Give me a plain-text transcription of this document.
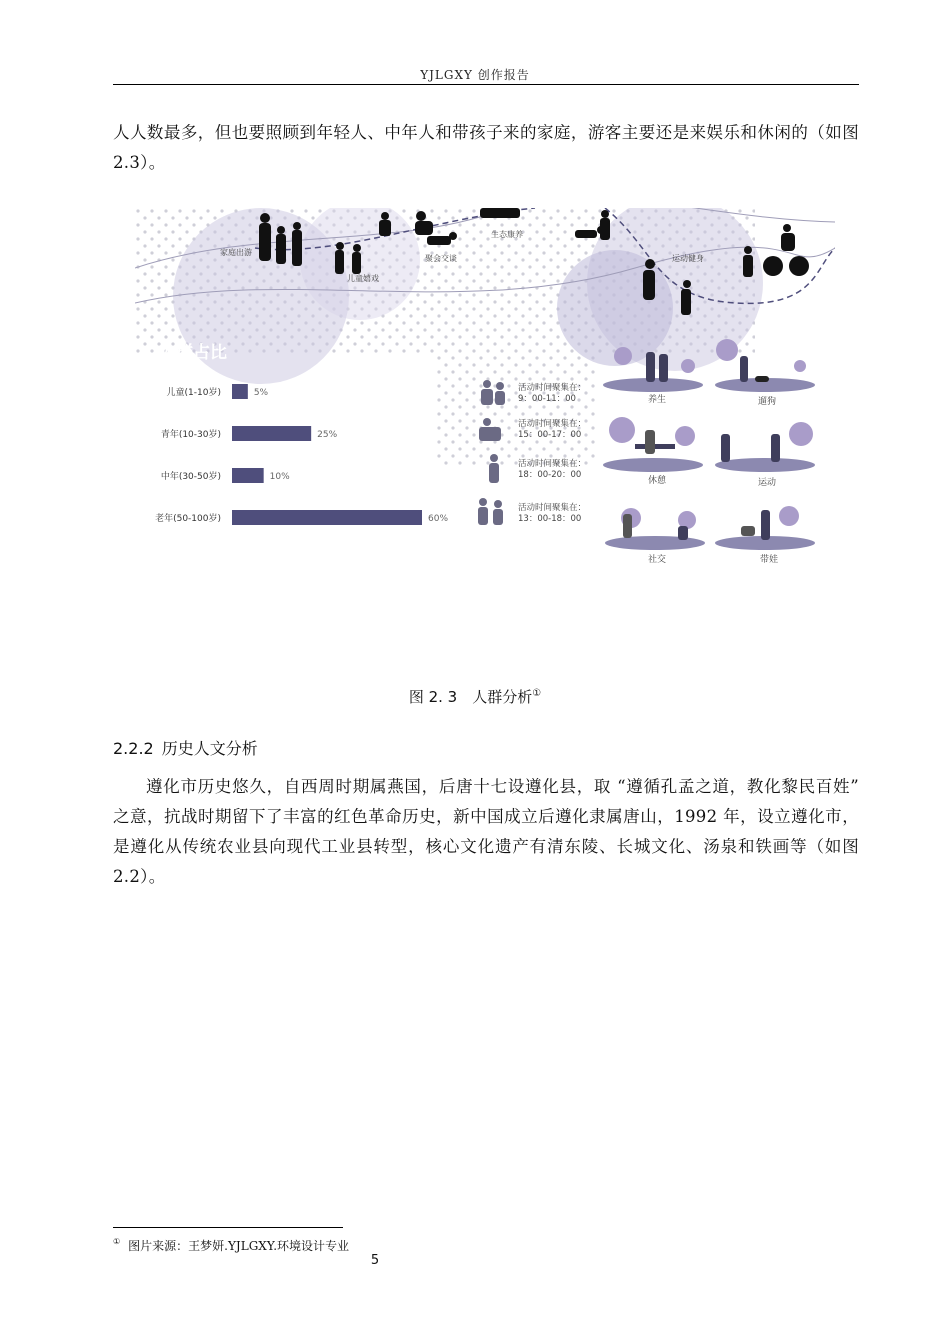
YJLGXY 创作报告
人人数最多，但也要照顾到年轻人、中年人和带孩子来的家庭，游客主要还是来娱乐和休闲的（如图 2.3）。
家庭出游
儿童嬉戏
聚会交谈
生态康养
运动健身
人群占比
儿童(1-10岁)	5%
青年(10-30岁)	25%
中年(30-50岁)	10%
老年(50-100岁)	60%
活动时间聚集在：
9：00-11：00
活动时间聚集在：
15：00-17：00
活动时间聚集在：
18：00-20：00
活动时间聚集在：
13：00-18：00
养生	遛狗
休憩	运动
社交	带娃
图 2. 3　人群分析①
2.2.2 历史人文分析
遵化市历史悠久，自西周时期属燕国，后唐十七设遵化县，取 “遵循孔孟之道，教化黎民百姓” 之意，抗战时期留下了丰富的红色革命历史，新中国成立后遵化隶属唐山，1992 年，设立遵化市，是遵化从传统农业县向现代工业县转型，核心文化遗产有清东陵、长城文化、汤泉和铁画等（如图 2.2）。
① 图片来源：王梦妍.YJLGXY.环境设计专业
5
